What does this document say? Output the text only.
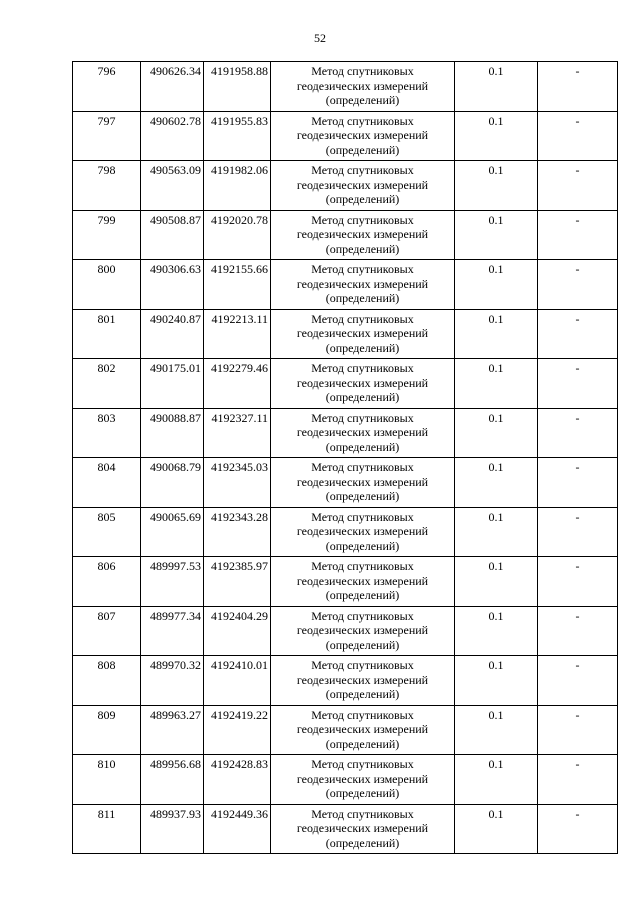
52
796	490626.34	4191958.88	Метод спутниковых геодезических измерений (определений)	0.1	-
797	490602.78	4191955.83	Метод спутниковых геодезических измерений (определений)	0.1	-
798	490563.09	4191982.06	Метод спутниковых геодезических измерений (определений)	0.1	-
799	490508.87	4192020.78	Метод спутниковых геодезических измерений (определений)	0.1	-
800	490306.63	4192155.66	Метод спутниковых геодезических измерений (определений)	0.1	-
801	490240.87	4192213.11	Метод спутниковых геодезических измерений (определений)	0.1	-
802	490175.01	4192279.46	Метод спутниковых геодезических измерений (определений)	0.1	-
803	490088.87	4192327.11	Метод спутниковых геодезических измерений (определений)	0.1	-
804	490068.79	4192345.03	Метод спутниковых геодезических измерений (определений)	0.1	-
805	490065.69	4192343.28	Метод спутниковых геодезических измерений (определений)	0.1	-
806	489997.53	4192385.97	Метод спутниковых геодезических измерений (определений)	0.1	-
807	489977.34	4192404.29	Метод спутниковых геодезических измерений (определений)	0.1	-
808	489970.32	4192410.01	Метод спутниковых геодезических измерений (определений)	0.1	-
809	489963.27	4192419.22	Метод спутниковых геодезических измерений (определений)	0.1	-
810	489956.68	4192428.83	Метод спутниковых геодезических измерений (определений)	0.1	-
811	489937.93	4192449.36	Метод спутниковых геодезических измерений (определений)	0.1	-
